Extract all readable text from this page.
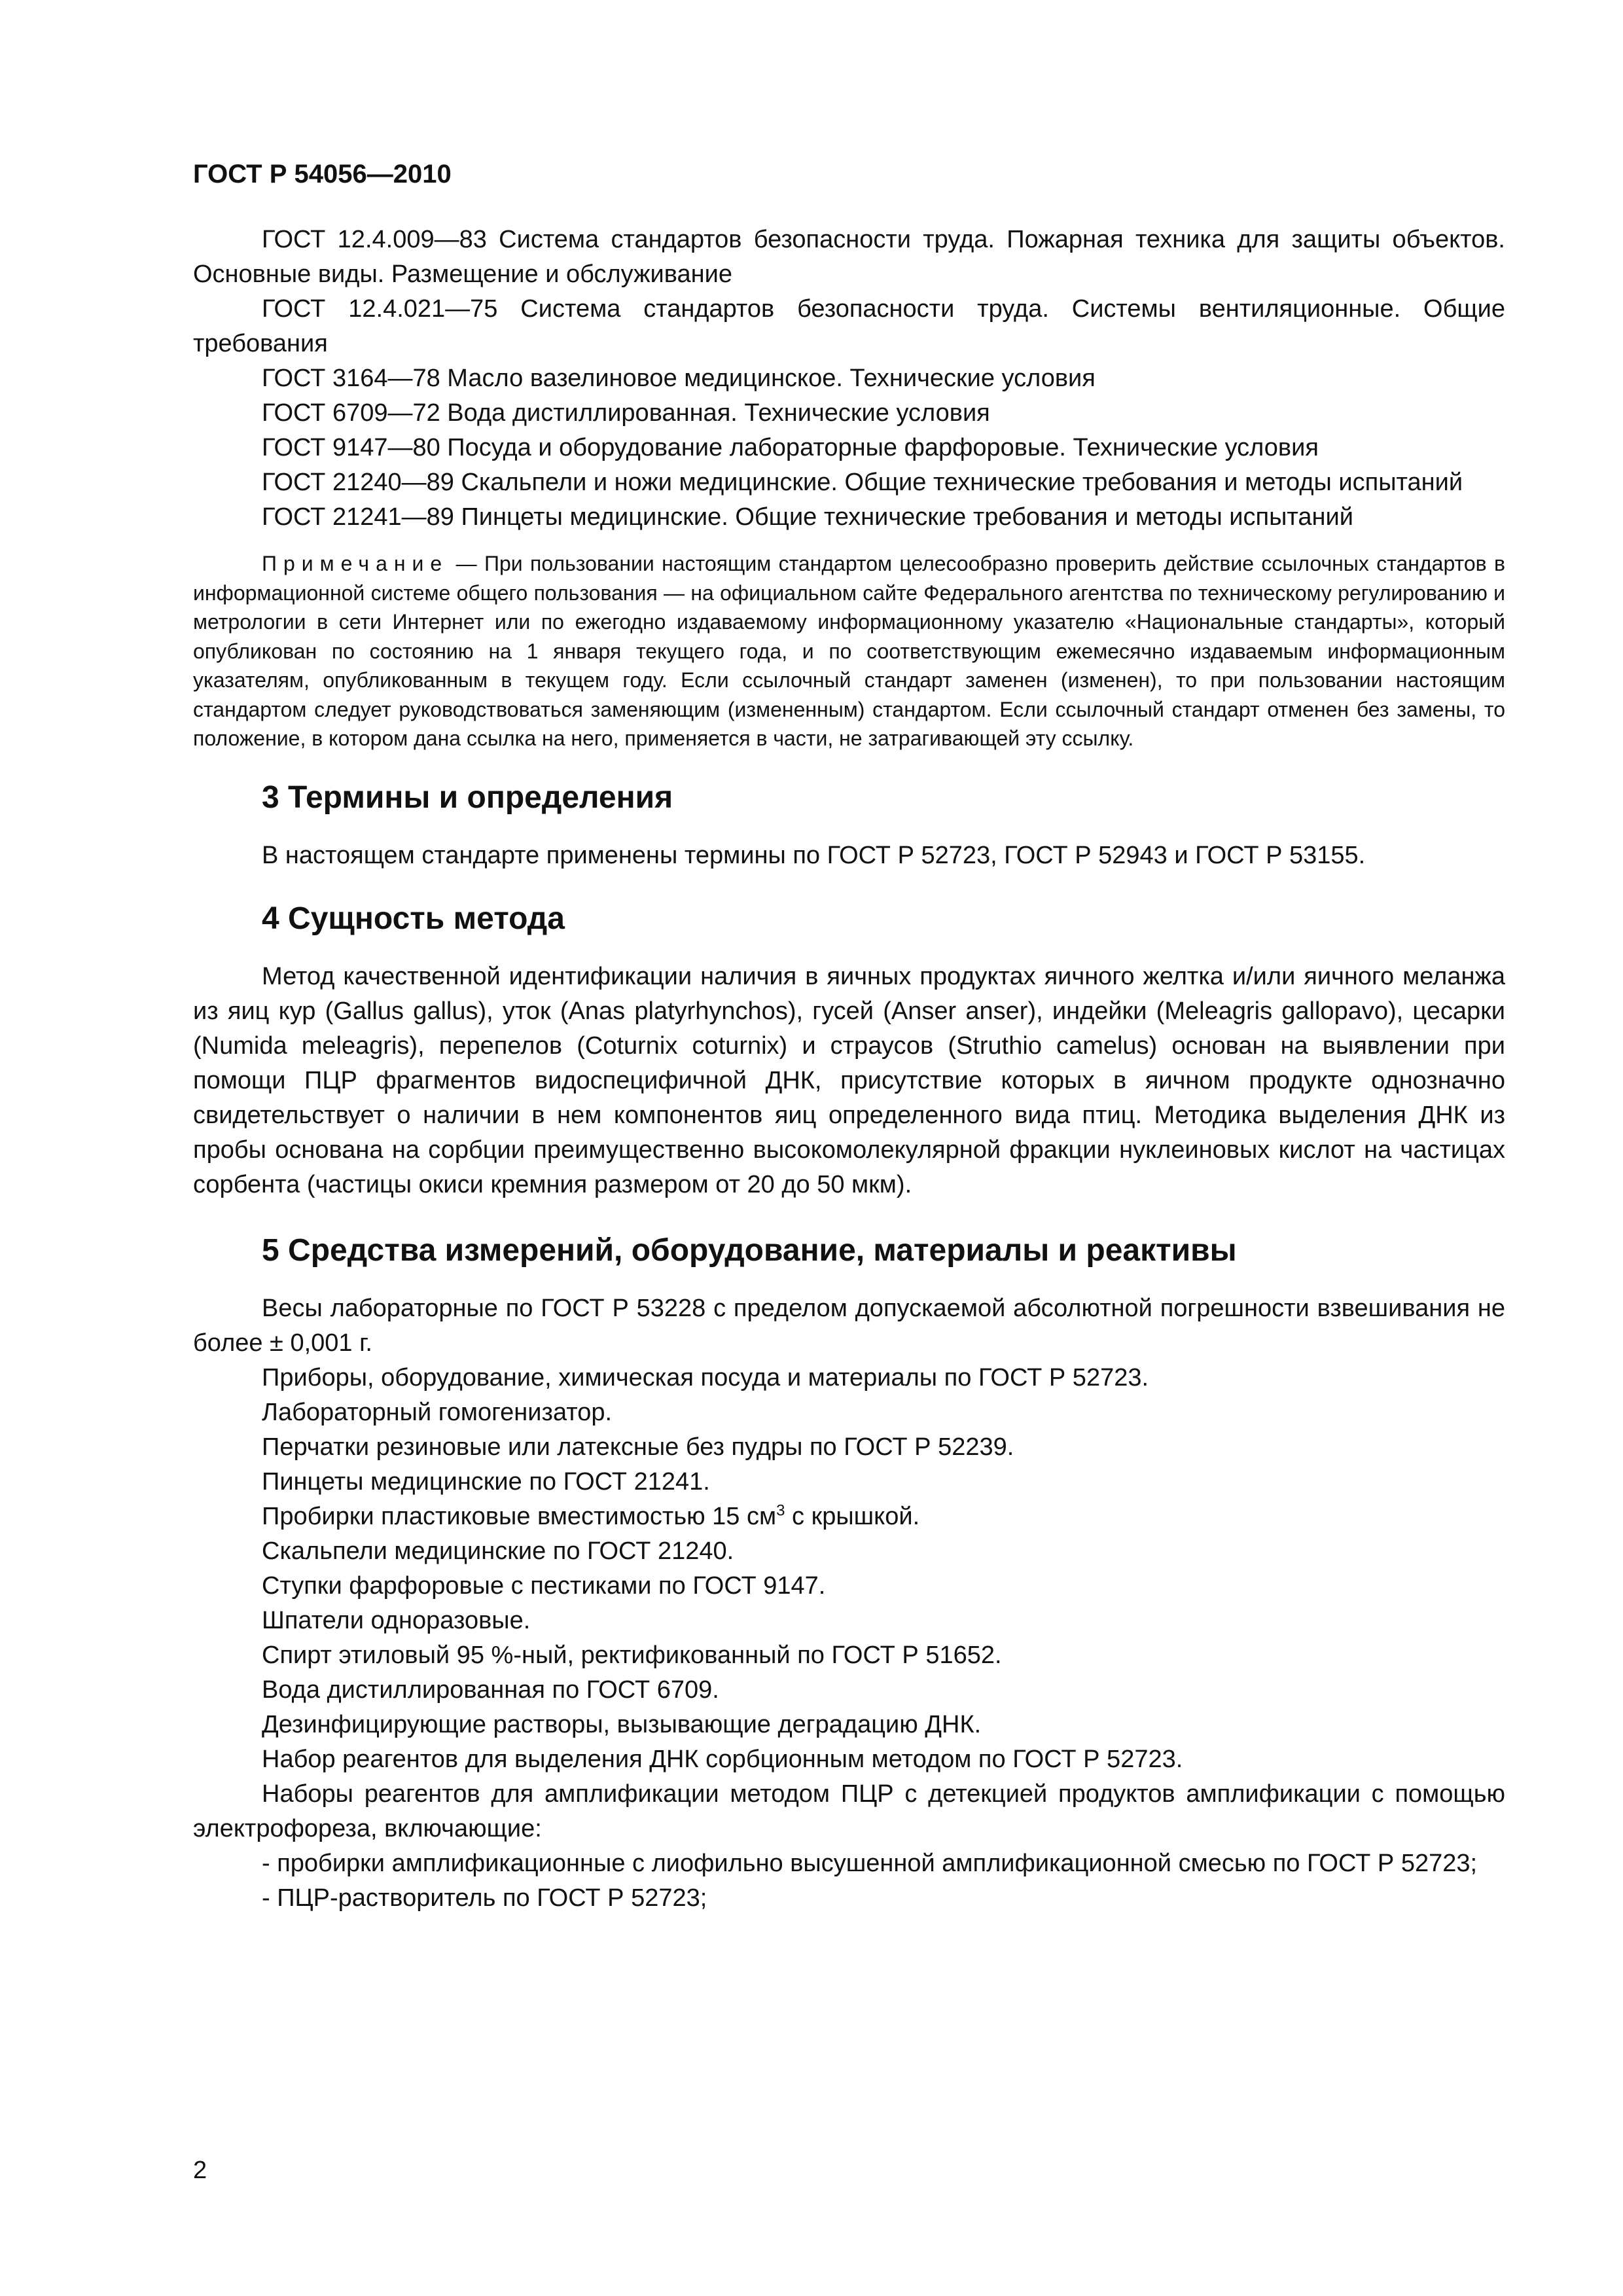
ГОСТ Р 54056—2010

ГОСТ 12.4.009—83 Система стандартов безопасности труда. Пожарная техника для защиты объектов. Основные виды. Размещение и обслуживание

ГОСТ 12.4.021—75 Система стандартов безопасности труда. Системы вентиляционные. Общие требования

ГОСТ 3164—78 Масло вазелиновое медицинское. Технические условия

ГОСТ 6709—72 Вода дистиллированная. Технические условия

ГОСТ 9147—80 Посуда и оборудование лабораторные фарфоровые. Технические условия

ГОСТ 21240—89 Скальпели и ножи медицинские. Общие технические требования и методы испытаний

ГОСТ 21241—89 Пинцеты медицинские. Общие технические требования и методы испытаний

Примечание — При пользовании настоящим стандартом целесообразно проверить действие ссылочных стандартов в информационной системе общего пользования — на официальном сайте Федерального агентства по техническому регулированию и метрологии в сети Интернет или по ежегодно издаваемому информационному указателю «Национальные стандарты», который опубликован по состоянию на 1 января текущего года, и по соответствующим ежемесячно издаваемым информационным указателям, опубликованным в текущем году. Если ссылочный стандарт заменен (изменен), то при пользовании настоящим стандартом следует руководствоваться заменяющим (измененным) стандартом. Если ссылочный стандарт отменен без замены, то положение, в котором дана ссылка на него, применяется в части, не затрагивающей эту ссылку.

3 Термины и определения

В настоящем стандарте применены термины по ГОСТ Р 52723, ГОСТ Р 52943 и ГОСТ Р 53155.

4 Сущность метода

Метод качественной идентификации наличия в яичных продуктах яичного желтка и/или яичного меланжа из яиц кур (Gallus gallus), уток (Anas platyrhynchos), гусей (Anser anser), индейки (Meleagris gallopavo), цесарки (Numida meleagris), перепелов (Coturnix coturnix) и страусов (Struthio camelus) основан на выявлении при помощи ПЦР фрагментов видоспецифичной ДНК, присутствие которых в яичном продукте однозначно свидетельствует о наличии в нем компонентов яиц определенного вида птиц. Методика выделения ДНК из пробы основана на сорбции преимущественно высокомолекулярной фракции нуклеиновых кислот на частицах сорбента (частицы окиси кремния размером от 20 до 50 мкм).

5 Средства измерений, оборудование, материалы и реактивы

Весы лабораторные по ГОСТ Р 53228 с пределом допускаемой абсолютной погрешности взвешивания не более ± 0,001 г.

Приборы, оборудование, химическая посуда и материалы по ГОСТ Р 52723.

Лабораторный гомогенизатор.

Перчатки резиновые или латексные без пудры по ГОСТ Р 52239.

Пинцеты медицинские по ГОСТ 21241.

Пробирки пластиковые вместимостью 15 $см^3$ с крышкой.

Скальпели медицинские по ГОСТ 21240.

Ступки фарфоровые с пестиками по ГОСТ 9147.

Шпатели одноразовые.

Спирт этиловый 95 %-ный, ректификованный по ГОСТ Р 51652.

Вода дистиллированная по ГОСТ 6709.

Дезинфицирующие растворы, вызывающие деградацию ДНК.

Набор реагентов для выделения ДНК сорбционным методом по ГОСТ Р 52723.

Наборы реагентов для амплификации методом ПЦР с детекцией продуктов амплификации с помощью электрофореза, включающие:

- пробирки амплификационные с лиофильно высушенной амплификационной смесью по ГОСТ Р 52723;

- ПЦР-растворитель по ГОСТ Р 52723;

2
